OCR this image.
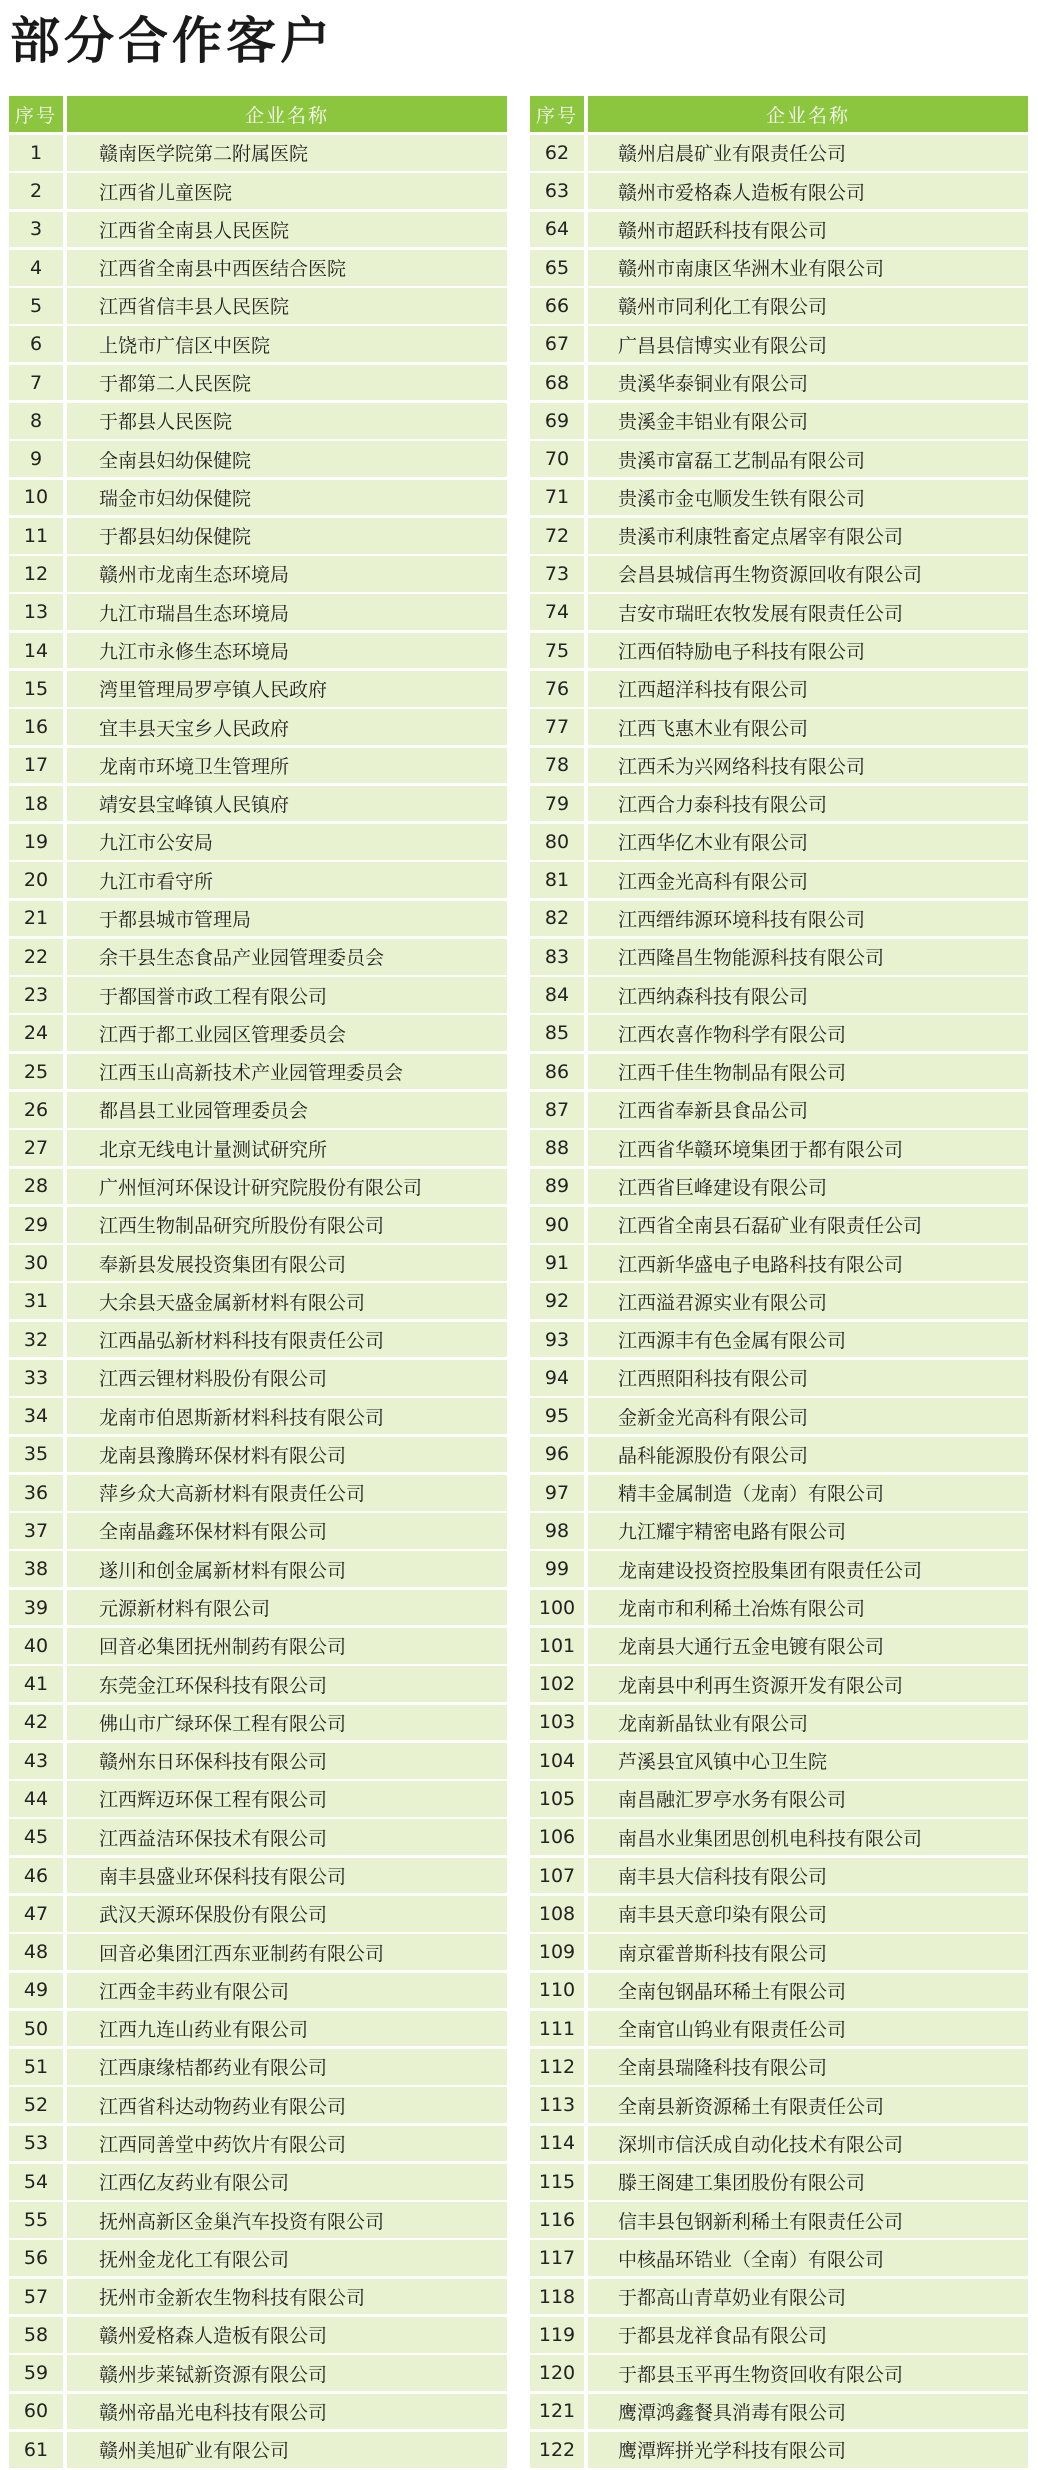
部分合作客户
序号	企业名称
1	赣南医学院第二附属医院
2	江西省儿童医院
3	江西省全南县人民医院
4	江西省全南县中西医结合医院
5	江西省信丰县人民医院
6	上饶市广信区中医院
7	于都第二人民医院
8	于都县人民医院
9	全南县妇幼保健院
10	瑞金市妇幼保健院
11	于都县妇幼保健院
12	赣州市龙南生态环境局
13	九江市瑞昌生态环境局
14	九江市永修生态环境局
15	湾里管理局罗亭镇人民政府
16	宜丰县天宝乡人民政府
17	龙南市环境卫生管理所
18	靖安县宝峰镇人民镇府
19	九江市公安局
20	九江市看守所
21	于都县城市管理局
22	余干县生态食品产业园管理委员会
23	于都国誉市政工程有限公司
24	江西于都工业园区管理委员会
25	江西玉山高新技术产业园管理委员会
26	都昌县工业园管理委员会
27	北京无线电计量测试研究所
28	广州恒河环保设计研究院股份有限公司
29	江西生物制品研究所股份有限公司
30	奉新县发展投资集团有限公司
31	大余县天盛金属新材料有限公司
32	江西晶弘新材料科技有限责任公司
33	江西云锂材料股份有限公司
34	龙南市伯恩斯新材料科技有限公司
35	龙南县豫腾环保材料有限公司
36	萍乡众大高新材料有限责任公司
37	全南晶鑫环保材料有限公司
38	遂川和创金属新材料有限公司
39	元源新材料有限公司
40	回音必集团抚州制药有限公司
41	东莞金江环保科技有限公司
42	佛山市广绿环保工程有限公司
43	赣州东日环保科技有限公司
44	江西辉迈环保工程有限公司
45	江西益洁环保技术有限公司
46	南丰县盛业环保科技有限公司
47	武汉天源环保股份有限公司
48	回音必集团江西东亚制药有限公司
49	江西金丰药业有限公司
50	江西九连山药业有限公司
51	江西康缘桔都药业有限公司
52	江西省科达动物药业有限公司
53	江西同善堂中药饮片有限公司
54	江西亿友药业有限公司
55	抚州高新区金巢汽车投资有限公司
56	抚州金龙化工有限公司
57	抚州市金新农生物科技有限公司
58	赣州爱格森人造板有限公司
59	赣州步莱铽新资源有限公司
60	赣州帝晶光电科技有限公司
61	赣州美旭矿业有限公司
序号	企业名称
62	赣州启晨矿业有限责任公司
63	赣州市爱格森人造板有限公司
64	赣州市超跃科技有限公司
65	赣州市南康区华洲木业有限公司
66	赣州市同利化工有限公司
67	广昌县信博实业有限公司
68	贵溪华泰铜业有限公司
69	贵溪金丰铝业有限公司
70	贵溪市富磊工艺制品有限公司
71	贵溪市金屯顺发生铁有限公司
72	贵溪市利康牲畜定点屠宰有限公司
73	会昌县城信再生物资源回收有限公司
74	吉安市瑞旺农牧发展有限责任公司
75	江西佰特励电子科技有限公司
76	江西超洋科技有限公司
77	江西飞惠木业有限公司
78	江西禾为兴网络科技有限公司
79	江西合力泰科技有限公司
80	江西华亿木业有限公司
81	江西金光高科有限公司
82	江西缙纬源环境科技有限公司
83	江西隆昌生物能源科技有限公司
84	江西纳森科技有限公司
85	江西农喜作物科学有限公司
86	江西千佳生物制品有限公司
87	江西省奉新县食品公司
88	江西省华赣环境集团于都有限公司
89	江西省巨峰建设有限公司
90	江西省全南县石磊矿业有限责任公司
91	江西新华盛电子电路科技有限公司
92	江西溢君源实业有限公司
93	江西源丰有色金属有限公司
94	江西照阳科技有限公司
95	金新金光高科有限公司
96	晶科能源股份有限公司
97	精丰金属制造（龙南）有限公司
98	九江耀宇精密电路有限公司
99	龙南建设投资控股集团有限责任公司
100	龙南市和利稀土冶炼有限公司
101	龙南县大通行五金电镀有限公司
102	龙南县中利再生资源开发有限公司
103	龙南新晶钛业有限公司
104	芦溪县宜风镇中心卫生院
105	南昌融汇罗亭水务有限公司
106	南昌水业集团思创机电科技有限公司
107	南丰县大信科技有限公司
108	南丰县天意印染有限公司
109	南京霍普斯科技有限公司
110	全南包钢晶环稀土有限公司
111	全南官山钨业有限责任公司
112	全南县瑞隆科技有限公司
113	全南县新资源稀土有限责任公司
114	深圳市信沃成自动化技术有限公司
115	滕王阁建工集团股份有限公司
116	信丰县包钢新利稀土有限责任公司
117	中核晶环锆业（全南）有限公司
118	于都高山青草奶业有限公司
119	于都县龙祥食品有限公司
120	于都县玉平再生物资回收有限公司
121	鹰潭鸿鑫餐具消毒有限公司
122	鹰潭辉拼光学科技有限公司
